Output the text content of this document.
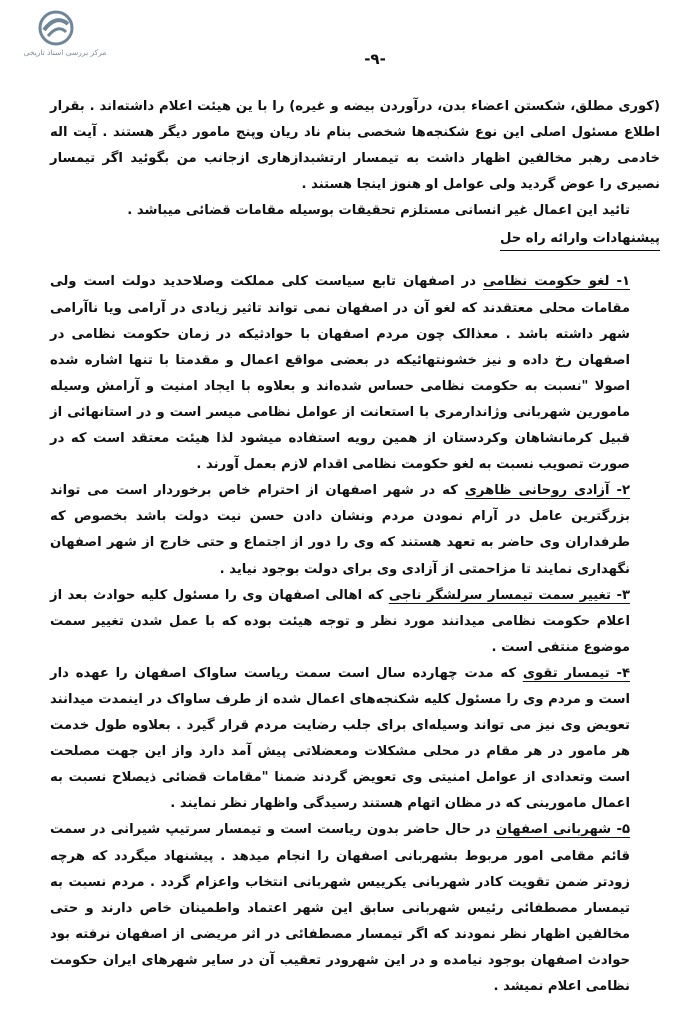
مرکز بررسی اسناد تاریخی	-۹-

(کوری مطلق، شکستن اعضاء بدن، درآوردن بیضه و غیره) را با ین هیئت اعلام داشته‌اند . بقرار اطلاع مسئول اصلی این نوع شکنجه‌ها شخصی بنام ناد ریان وپنج مامور دیگر هستند . آیت اله خادمی رهبر مخالفین اظهار داشت به تیمسار ارتشبدازهاری ازجانب من بگوئید اگر تیمسار نصیری را عوض گردید ولی عوامل او هنوز اینجا هستند .

تائید این اعمال غیر انسانی مستلزم تحقیقات بوسیله مقامات قضائی میباشد .

پیشنهادات وارائه راه حل

۱- لغو حکومت نظامی در اصفهان تابع سیاست کلی مملکت وصلاحدید دولت است ولی مقامات محلی معتقدند که لغو آن در اصفهان نمی تواند تاثیر زیادی در آرامی ویا ناآرامی شهر داشته باشد . معذالک چون مردم اصفهان با حوادثیکه در زمان حکومت نظامی در اصفهان رخ داده و نیز خشونتهائیکه در بعضی مواقع اعمال و مقدمتا با تنها اشاره شده اصولا "نسبت به حکومت نظامی حساس شده‌اند و بعلاوه با ایجاد امنیت و آرامش وسیله مامورین شهربانی وژاندارمری با استعانت از عوامل نظامی میسر است و در استانهائی از قبیل کرمانشاهان وکردستان از همین رویه استفاده میشود لذا هیئت معتقد است که در صورت تصویب نسبت به لغو حکومت نظامی اقدام لازم بعمل آورند .

۲- آزادی روحانی ظاهری که در شهر اصفهان از احترام خاص برخوردار است می تواند بزرگترین عامل در آرام نمودن مردم ونشان دادن حسن نیت دولت باشد بخصوص که طرفداران وی حاضر به تعهد هستند که وی را دور از اجتماع و حتی خارج از شهر اصفهان نگهداری نمایند تا مزاحمتی از آزادی وی برای دولت بوجود نیاید .

۳- تغییر سمت تیمسار سرلشگر ناجی که اهالی اصفهان وی را مسئول کلیه حوادث بعد از اعلام حکومت نظامی میدانند مورد نظر و توجه هیئت بوده که با عمل شدن تغییر سمت موضوع منتفی است .

۴- تیمسار تقوی که مدت چهارده سال است سمت ریاست ساواک اصفهان را عهده دار است و مردم وی را مسئول کلیه شکنجه‌های اعمال شده از طرف ساواک در اینمدت میدانند تعویض وی نیز می تواند وسیله‌ای برای جلب رضایت مردم قرار گیرد . بعلاوه طول خدمت هر مامور در هر مقام در محلی مشکلات ومعضلاتی پیش آمد دارد واز این جهت مصلحت است وتعدادی از عوامل امنیتی وی تعویض گردند ضمنا "مقامات قضائی ذیصلاح نسبت به اعمال مامورینی که در مظان اتهام هستند رسیدگی واظهار نظر نمایند .

۵- شهربانی اصفهان در حال حاضر بدون ریاست است و تیمسار سرتیپ شیرانی در سمت قائم مقامی امور مربوط بشهربانی اصفهان را انجام میدهد . پیشنهاد میگردد که هرچه زودتر ضمن تقویت کادر شهربانی یکرییس شهربانی انتخاب واعزام گردد . مردم نسبت به تیمسار مصطفائی رئیس شهربانی سابق این شهر اعتماد واطمینان خاص دارند و حتی مخالفین اظهار نظر نمودند که اگر تیمسار مصطفائی در اثر مریضی از اصفهان نرفته بود حوادث اصفهان بوجود نیامده و در این شهرودر تعقیب آن در سایر شهرهای ایران حکومت نظامی اعلام نمیشد .
